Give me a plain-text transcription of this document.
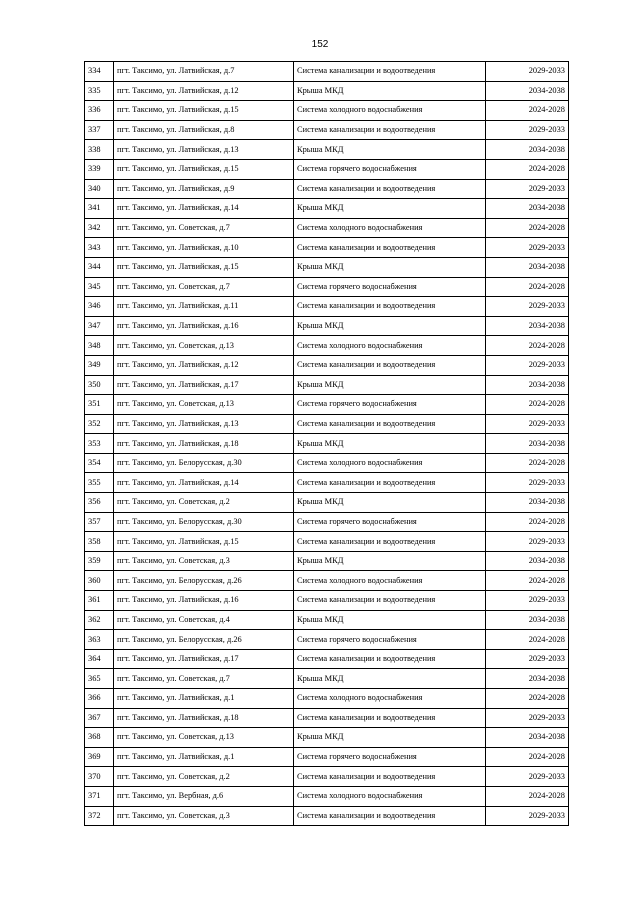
152
334	пгт. Таксимо, ул. Латвийская, д.7	Система канализации и водоотведения	2029-2033
335	пгт. Таксимо, ул. Латвийская, д.12	Крыша МКД	2034-2038
336	пгт. Таксимо, ул. Латвийская, д.15	Система холодного водоснабжения	2024-2028
337	пгт. Таксимо, ул. Латвийская, д.8	Система канализации и водоотведения	2029-2033
338	пгт. Таксимо, ул. Латвийская, д.13	Крыша МКД	2034-2038
339	пгт. Таксимо, ул. Латвийская, д.15	Система горячего водоснабжения	2024-2028
340	пгт. Таксимо, ул. Латвийская, д.9	Система канализации и водоотведения	2029-2033
341	пгт. Таксимо, ул. Латвийская, д.14	Крыша МКД	2034-2038
342	пгт. Таксимо, ул. Советская, д.7	Система холодного водоснабжения	2024-2028
343	пгт. Таксимо, ул. Латвийская, д.10	Система канализации и водоотведения	2029-2033
344	пгт. Таксимо, ул. Латвийская, д.15	Крыша МКД	2034-2038
345	пгт. Таксимо, ул. Советская, д.7	Система горячего водоснабжения	2024-2028
346	пгт. Таксимо, ул. Латвийская, д.11	Система канализации и водоотведения	2029-2033
347	пгт. Таксимо, ул. Латвийская, д.16	Крыша МКД	2034-2038
348	пгт. Таксимо, ул. Советская, д.13	Система холодного водоснабжения	2024-2028
349	пгт. Таксимо, ул. Латвийская, д.12	Система канализации и водоотведения	2029-2033
350	пгт. Таксимо, ул. Латвийская, д.17	Крыша МКД	2034-2038
351	пгт. Таксимо, ул. Советская, д.13	Система горячего водоснабжения	2024-2028
352	пгт. Таксимо, ул. Латвийская, д.13	Система канализации и водоотведения	2029-2033
353	пгт. Таксимо, ул. Латвийская, д.18	Крыша МКД	2034-2038
354	пгт. Таксимо, ул. Белорусская, д.30	Система холодного водоснабжения	2024-2028
355	пгт. Таксимо, ул. Латвийская, д.14	Система канализации и водоотведения	2029-2033
356	пгт. Таксимо, ул. Советская, д.2	Крыша МКД	2034-2038
357	пгт. Таксимо, ул. Белорусская, д.30	Система горячего водоснабжения	2024-2028
358	пгт. Таксимо, ул. Латвийская, д.15	Система канализации и водоотведения	2029-2033
359	пгт. Таксимо, ул. Советская, д.3	Крыша МКД	2034-2038
360	пгт. Таксимо, ул. Белорусская, д.26	Система холодного водоснабжения	2024-2028
361	пгт. Таксимо, ул. Латвийская, д.16	Система канализации и водоотведения	2029-2033
362	пгт. Таксимо, ул. Советская, д.4	Крыша МКД	2034-2038
363	пгт. Таксимо, ул. Белорусская, д.26	Система горячего водоснабжения	2024-2028
364	пгт. Таксимо, ул. Латвийская, д.17	Система канализации и водоотведения	2029-2033
365	пгт. Таксимо, ул. Советская, д.7	Крыша МКД	2034-2038
366	пгт. Таксимо, ул. Латвийская, д.1	Система холодного водоснабжения	2024-2028
367	пгт. Таксимо, ул. Латвийская, д.18	Система канализации и водоотведения	2029-2033
368	пгт. Таксимо, ул. Советская, д.13	Крыша МКД	2034-2038
369	пгт. Таксимо, ул. Латвийская, д.1	Система горячего водоснабжения	2024-2028
370	пгт. Таксимо, ул. Советская, д.2	Система канализации и водоотведения	2029-2033
371	пгт. Таксимо, ул. Вербная, д.6	Система холодного водоснабжения	2024-2028
372	пгт. Таксимо, ул. Советская, д.3	Система канализации и водоотведения	2029-2033
